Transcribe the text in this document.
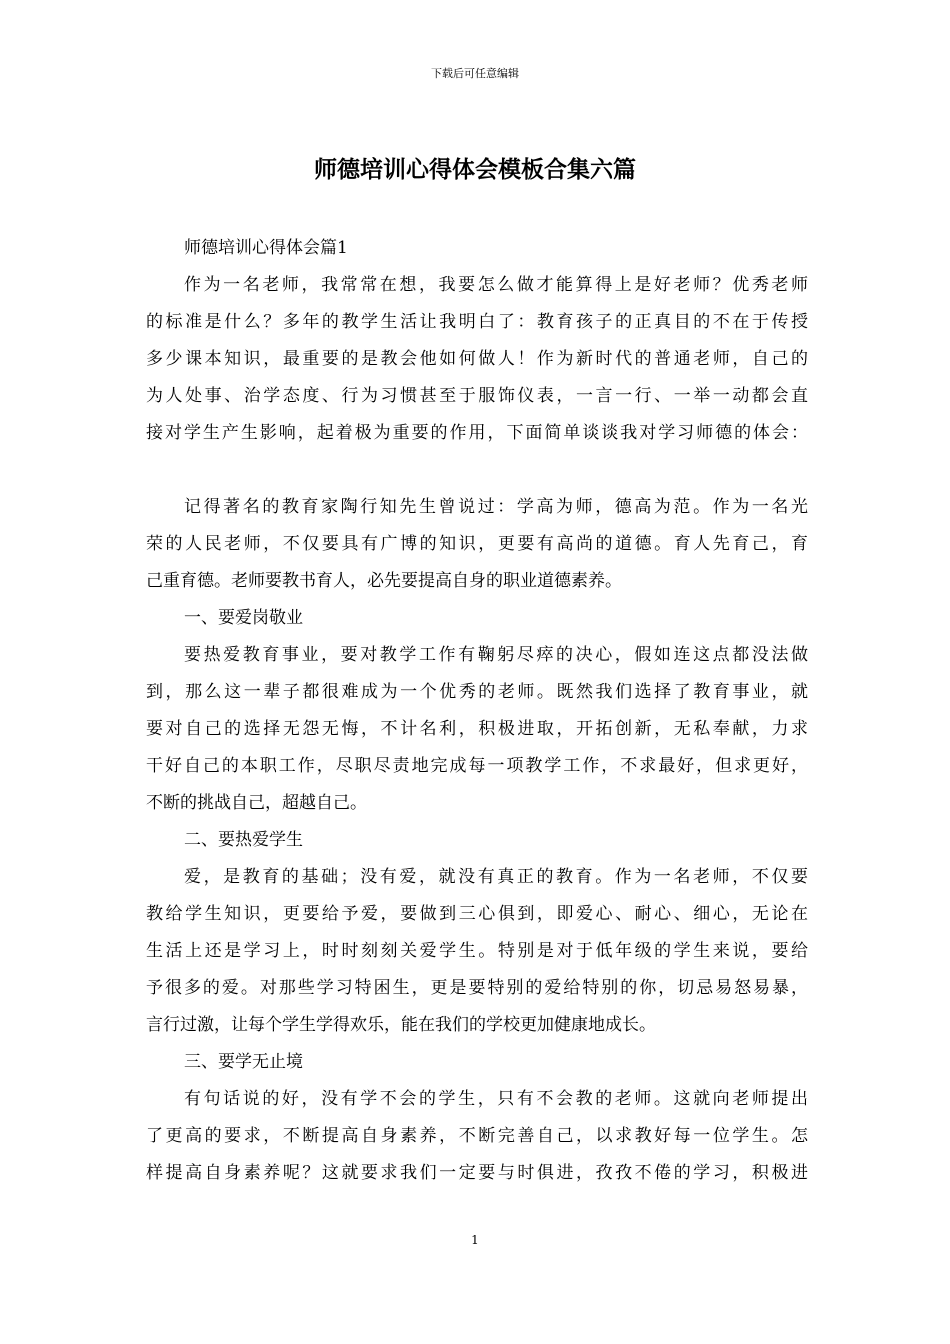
下载后可任意编辑
师德培训心得体会模板合集六篇
师德培训心得体会篇1
作为一名老师，我常常在想，我要怎么做才能算得上是好老师？优秀老师
的标准是什么？多年的教学生活让我明白了：教育孩子的正真目的不在于传授
多少课本知识，最重要的是教会他如何做人！作为新时代的普通老师，自己的
为人处事、治学态度、行为习惯甚至于服饰仪表，一言一行、一举一动都会直
接对学生产生影响，起着极为重要的作用，下面简单谈谈我对学习师德的体会：
记得著名的教育家陶行知先生曾说过：学高为师，德高为范。作为一名光
荣的人民老师，不仅要具有广博的知识，更要有高尚的道德。育人先育己，育
己重育德。老师要教书育人，必先要提高自身的职业道德素养。
一、要爱岗敬业
要热爱教育事业，要对教学工作有鞠躬尽瘁的决心，假如连这点都没法做
到，那么这一辈子都很难成为一个优秀的老师。既然我们选择了教育事业，就
要对自己的选择无怨无悔，不计名利，积极进取，开拓创新，无私奉献，力求
干好自己的本职工作，尽职尽责地完成每一项教学工作，不求最好，但求更好，
不断的挑战自己，超越自己。
二、要热爱学生
爱，是教育的基础；没有爱，就没有真正的教育。作为一名老师，不仅要
教给学生知识，更要给予爱，要做到三心俱到，即爱心、耐心、细心，无论在
生活上还是学习上，时时刻刻关爱学生。特别是对于低年级的学生来说，要给
予很多的爱。对那些学习特困生，更是要特别的爱给特别的你，切忌易怒易暴，
言行过激，让每个学生学得欢乐，能在我们的学校更加健康地成长。
三、要学无止境
有句话说的好，没有学不会的学生，只有不会教的老师。这就向老师提出
了更高的要求，不断提高自身素养，不断完善自己，以求教好每一位学生。怎
样提高自身素养呢？这就要求我们一定要与时俱进，孜孜不倦的学习，积极进
1
